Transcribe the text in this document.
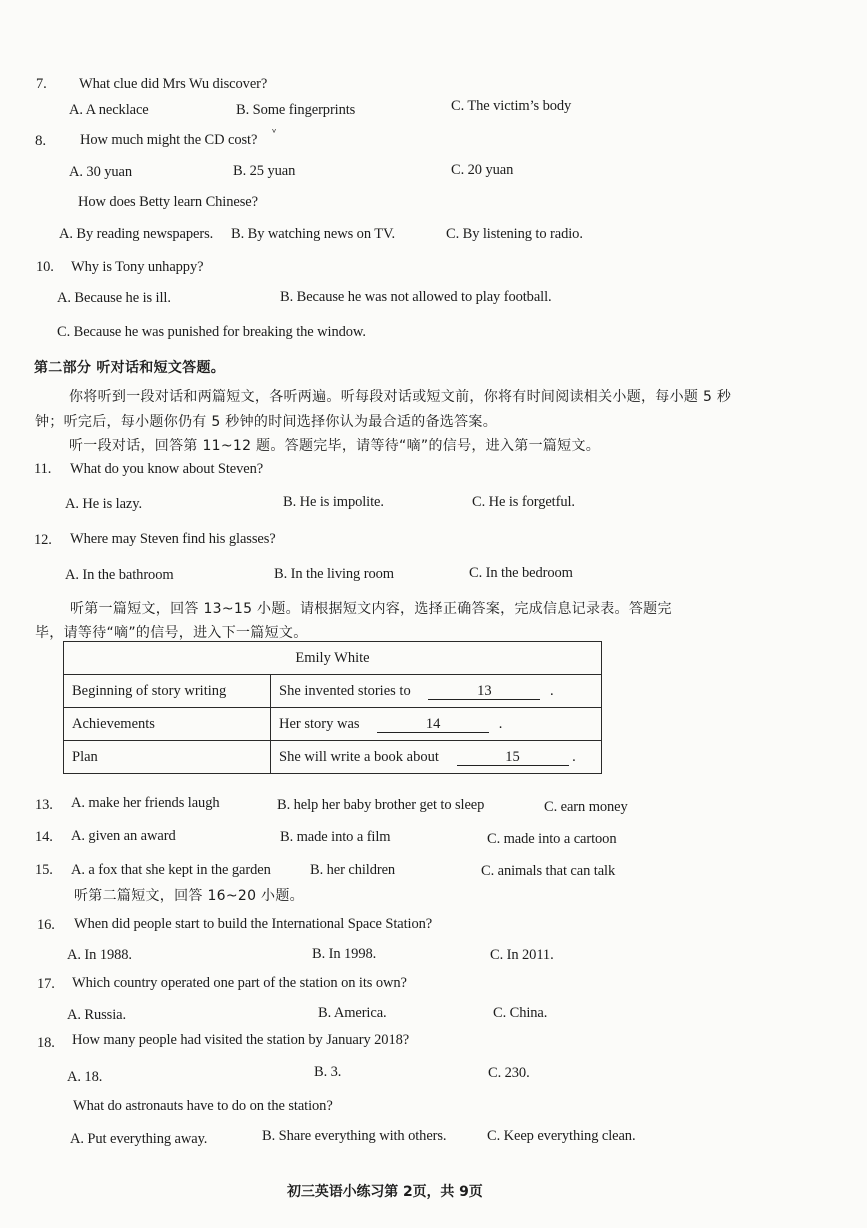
7. What clue did Mrs Wu discover?
A. A necklace	B. Some fingerprints	C. The victim’s body
8. How much might the CD cost? ᵛ
A. 30 yuan	B. 25 yuan	C. 20 yuan
How does Betty learn Chinese?
A. By reading newspapers. B. By watching news on TV.	C. By listening to radio.
10. Why is Tony unhappy?
A. Because he is ill.	B. Because he was not allowed to play football.
C. Because he was punished for breaking the window.
第二部分 听对话和短文答题。
你将听到一段对话和两篇短文，各听两遍。听每段对话或短文前，你将有时间阅读相关小题，每小题 5 秒
钟；听完后，每小题你仍有 5 秒钟的时间选择你认为最合适的备选答案。
听一段对话，回答第 11~12 题。答题完毕，请等待“嘀”的信号，进入第一篇短文。
11. What do you know about Steven?
A. He is lazy.	B. He is impolite.	C. He is forgetful.
12. Where may Steven find his glasses?
A. In the bathroom	B. In the living room	C. In the bedroom
听第一篇短文，回答 13~15 小题。请根据短文内容，选择正确答案，完成信息记录表。答题完
毕，请等待“嘀”的信号，进入下一篇短文。
Emily White	
Beginning of story writing	She invented stories to 13 .
Achievements	Her story was 14 .
Plan	She will write a book about 15 .
13. A. make her friends laugh	B. help her baby brother get to sleep	C. earn money
14. A. given an award	B. made into a film	C. made into a cartoon
15. A. a fox that she kept in the garden	B. her children	C. animals that can talk
听第二篇短文，回答 16~20 小题。
16. When did people start to build the International Space Station?
A. In 1988.	B. In 1998.	C. In 2011.
17. Which country operated one part of the station on its own?
A. Russia.	B. America.	C. China.
18. How many people had visited the station by January 2018?
A. 18.	B. 3.	C. 230.
What do astronauts have to do on the station?
A. Put everything away.	B. Share everything with others.	C. Keep everything clean.
初三英语小练习第 2页，共 9页
